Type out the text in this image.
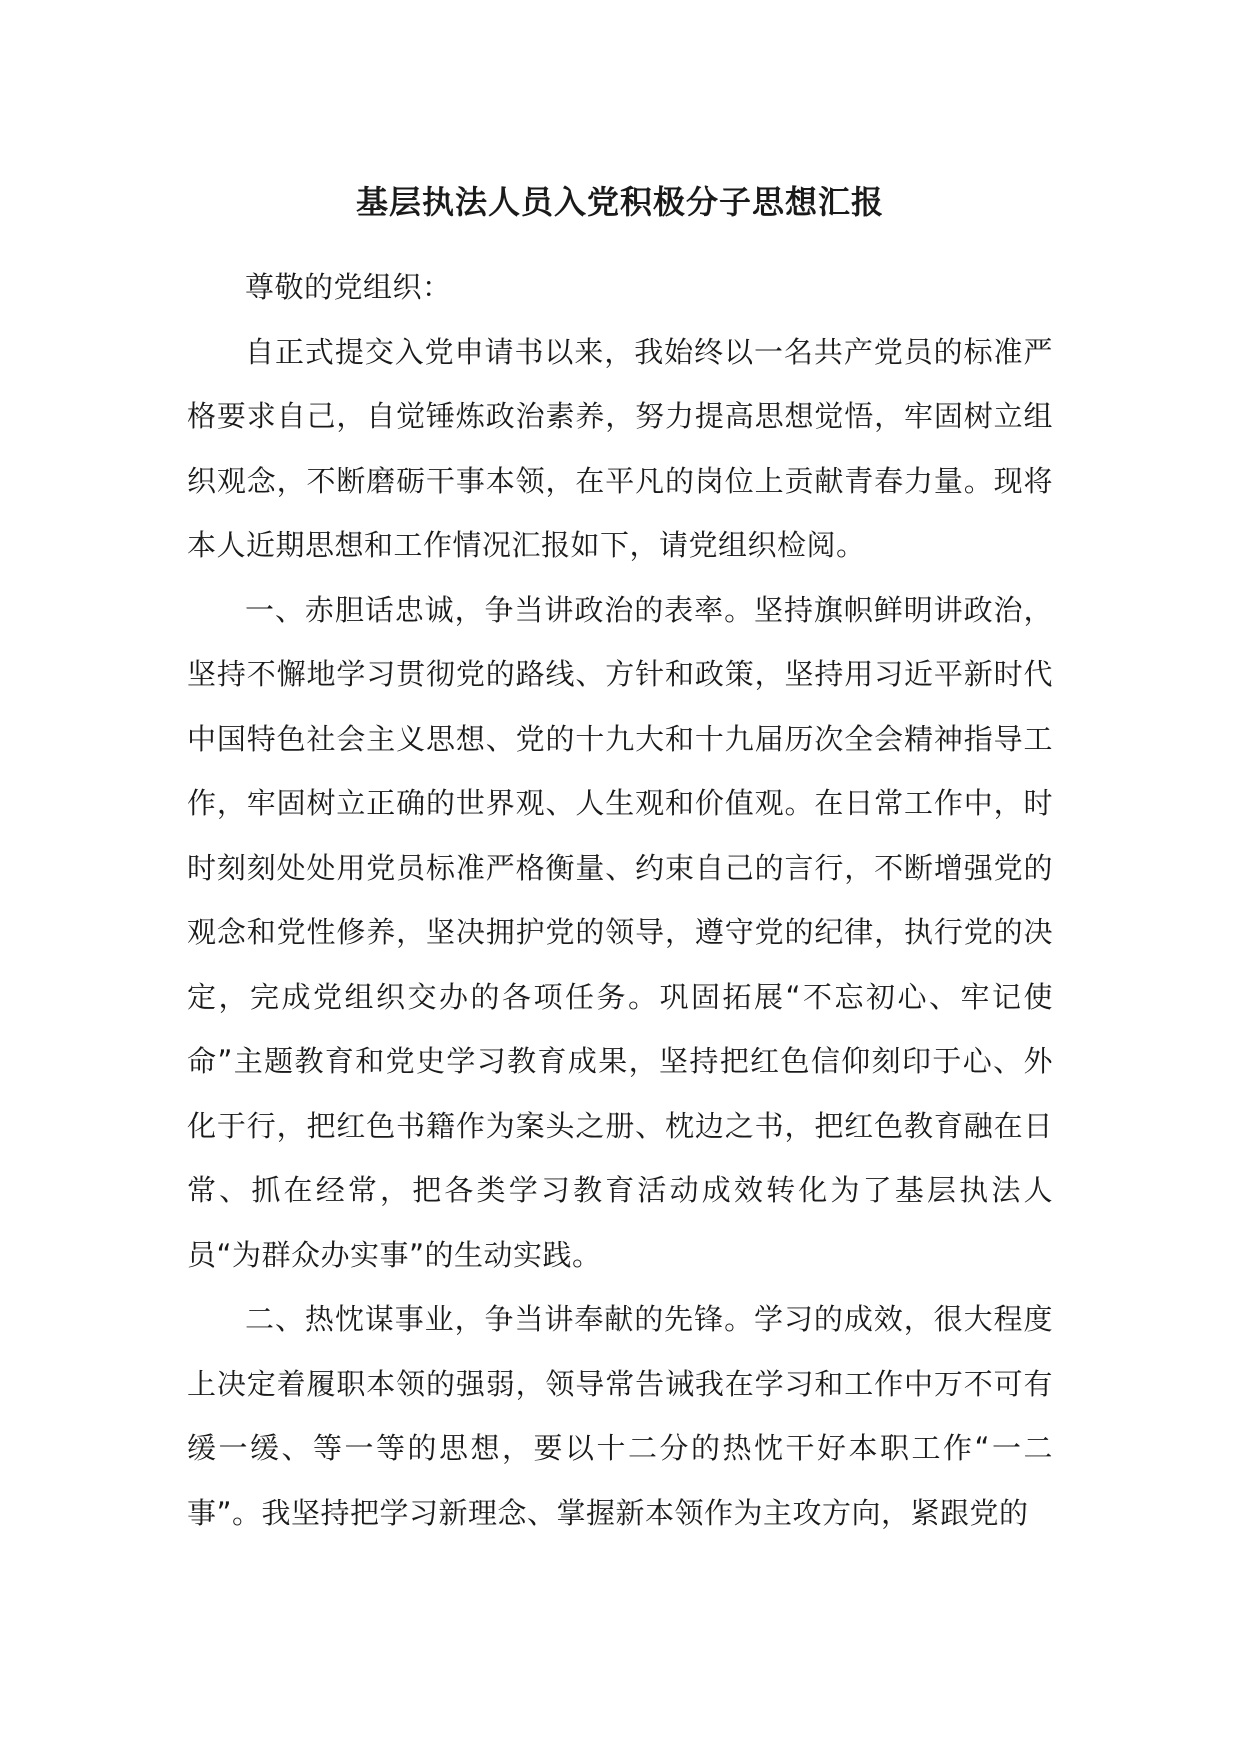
基层执法人员入党积极分子思想汇报

尊敬的党组织：

自正式提交入党申请书以来，我始终以一名共产党员的标准严格要求自己，自觉锤炼政治素养，努力提高思想觉悟，牢固树立组织观念，不断磨砺干事本领，在平凡的岗位上贡献青春力量。现将本人近期思想和工作情况汇报如下，请党组织检阅。

一、赤胆话忠诚，争当讲政治的表率。坚持旗帜鲜明讲政治，坚持不懈地学习贯彻党的路线、方针和政策，坚持用习近平新时代中国特色社会主义思想、党的十九大和十九届历次全会精神指导工作，牢固树立正确的世界观、人生观和价值观。在日常工作中，时时刻刻处处用党员标准严格衡量、约束自己的言行，不断增强党的观念和党性修养，坚决拥护党的领导，遵守党的纪律，执行党的决定，完成党组织交办的各项任务。巩固拓展“不忘初心、牢记使命”主题教育和党史学习教育成果，坚持把红色信仰刻印于心、外化于行，把红色书籍作为案头之册、枕边之书，把红色教育融在日常、抓在经常，把各类学习教育活动成效转化为了基层执法人员“为群众办实事”的生动实践。

二、热忱谋事业，争当讲奉献的先锋。学习的成效，很大程度上决定着履职本领的强弱，领导常告诫我在学习和工作中万不可有缓一缓、等一等的思想，要以十二分的热忱干好本职工作“一二事”。我坚持把学习新理念、掌握新本领作为主攻方向，紧跟党的
